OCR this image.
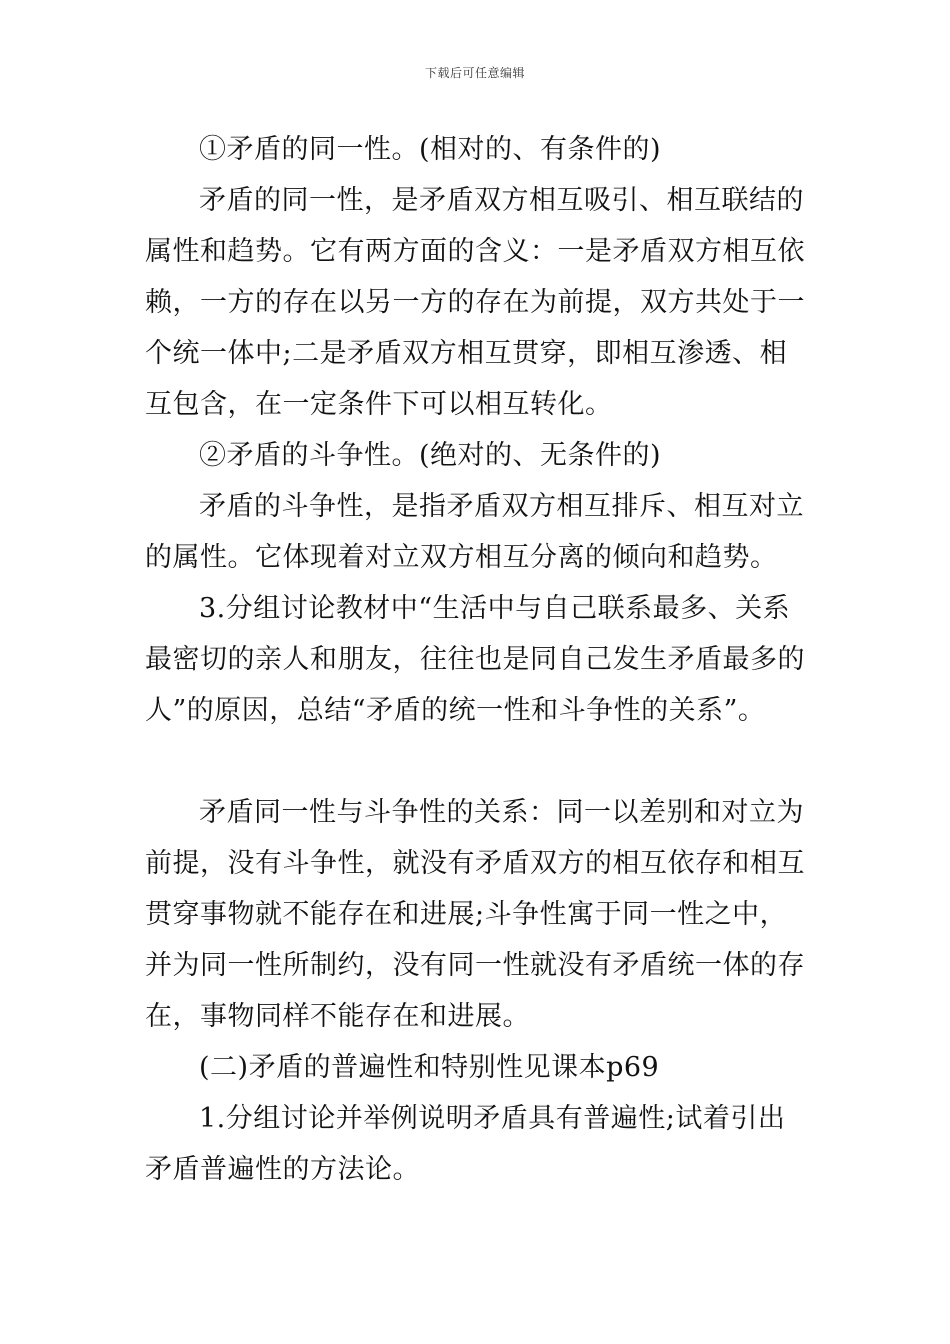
下载后可任意编辑

①矛盾的同一性。(相对的、有条件的)

矛盾的同一性，是矛盾双方相互吸引、相互联结的属性和趋势。它有两方面的含义：一是矛盾双方相互依赖，一方的存在以另一方的存在为前提，双方共处于一个统一体中;二是矛盾双方相互贯穿，即相互渗透、相互包含，在一定条件下可以相互转化。

②矛盾的斗争性。(绝对的、无条件的)

矛盾的斗争性，是指矛盾双方相互排斥、相互对立的属性。它体现着对立双方相互分离的倾向和趋势。

3.分组讨论教材中“生活中与自己联系最多、关系最密切的亲人和朋友，往往也是同自己发生矛盾最多的人”的原因，总结“矛盾的统一性和斗争性的关系”。

矛盾同一性与斗争性的关系：同一以差别和对立为前提，没有斗争性，就没有矛盾双方的相互依存和相互贯穿事物就不能存在和进展;斗争性寓于同一性之中，并为同一性所制约，没有同一性就没有矛盾统一体的存在，事物同样不能存在和进展。

(二)矛盾的普遍性和特别性见课本p69

1.分组讨论并举例说明矛盾具有普遍性;试着引出矛盾普遍性的方法论。
